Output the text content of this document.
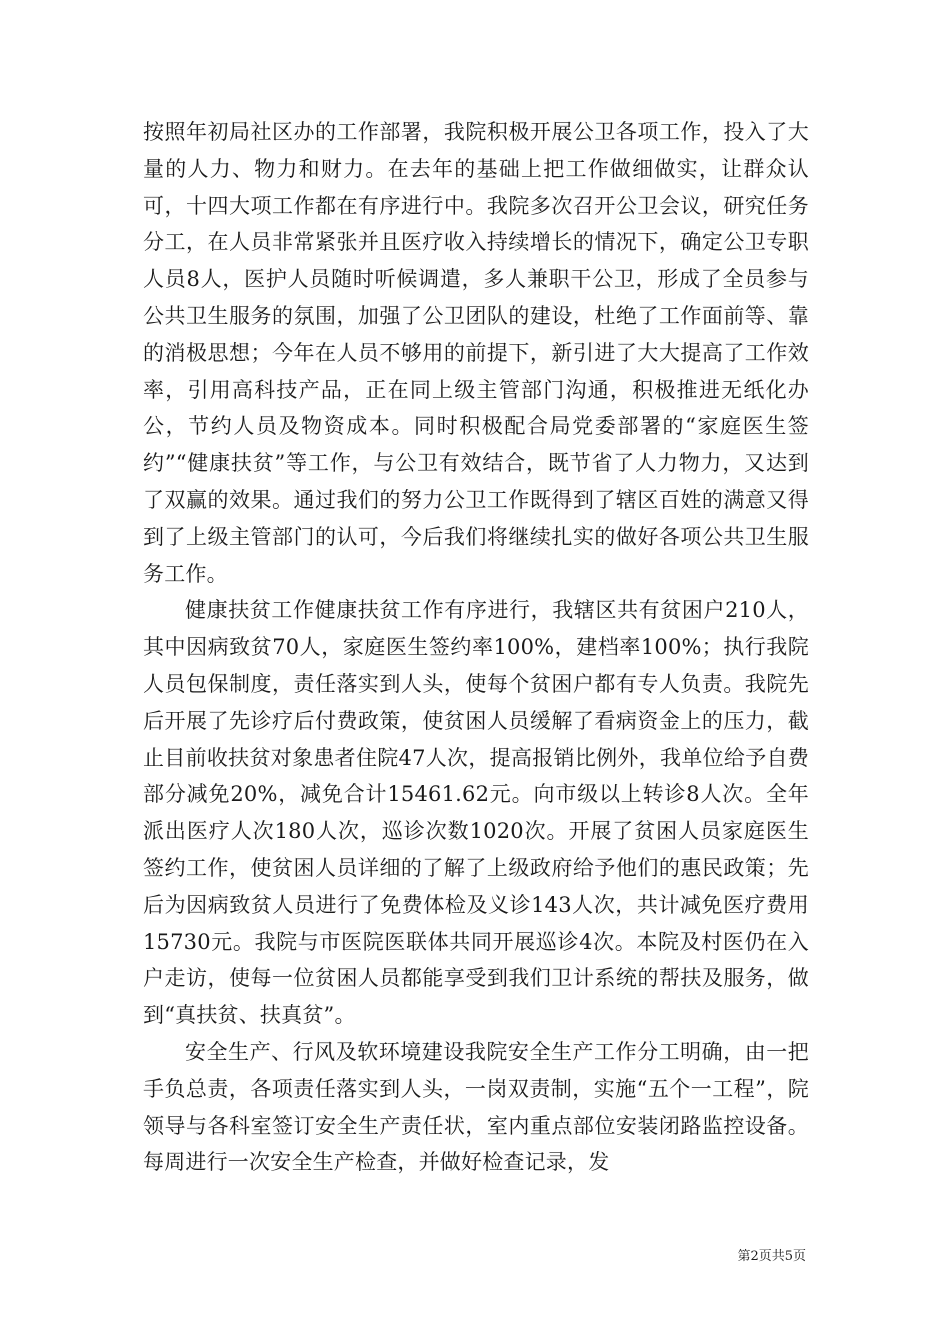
按照年初局社区办的工作部署，我院积极开展公卫各项工作，投入了大量的人力、物力和财力。在去年的基础上把工作做细做实，让群众认可，十四大项工作都在有序进行中。我院多次召开公卫会议，研究任务分工，在人员非常紧张并且医疗收入持续增长的情况下，确定公卫专职人员8人，医护人员随时听候调遣，多人兼职干公卫，形成了全员参与公共卫生服务的氛围，加强了公卫团队的建设，杜绝了工作面前等、靠的消极思想；今年在人员不够用的前提下，新引进了大大提高了工作效率，引用高科技产品，正在同上级主管部门沟通，积极推进无纸化办公，节约人员及物资成本。同时积极配合局党委部署的“家庭医生签约”“健康扶贫”等工作，与公卫有效结合，既节省了人力物力，又达到了双赢的效果。通过我们的努力公卫工作既得到了辖区百姓的满意又得到了上级主管部门的认可，今后我们将继续扎实的做好各项公共卫生服务工作。

健康扶贫工作健康扶贫工作有序进行，我辖区共有贫困户210人，其中因病致贫70人，家庭医生签约率100%，建档率100%；执行我院人员包保制度，责任落实到人头，使每个贫困户都有专人负责。我院先后开展了先诊疗后付费政策，使贫困人员缓解了看病资金上的压力，截止目前收扶贫对象患者住院47人次，提高报销比例外，我单位给予自费部分减免20%，减免合计15461.62元。向市级以上转诊8人次。全年派出医疗人次180人次，巡诊次数1020次。开展了贫困人员家庭医生签约工作，使贫困人员详细的了解了上级政府给予他们的惠民政策；先后为因病致贫人员进行了免费体检及义诊143人次，共计减免医疗费用15730元。我院与市医院医联体共同开展巡诊4次。本院及村医仍在入户走访，使每一位贫困人员都能享受到我们卫计系统的帮扶及服务，做到“真扶贫、扶真贫”。

安全生产、行风及软环境建设我院安全生产工作分工明确，由一把手负总责，各项责任落实到人头，一岗双责制，实施“五个一工程”，院领导与各科室签订安全生产责任状，室内重点部位安装闭路监控设备。每周进行一次安全生产检查，并做好检查记录，发

第2页共5页
